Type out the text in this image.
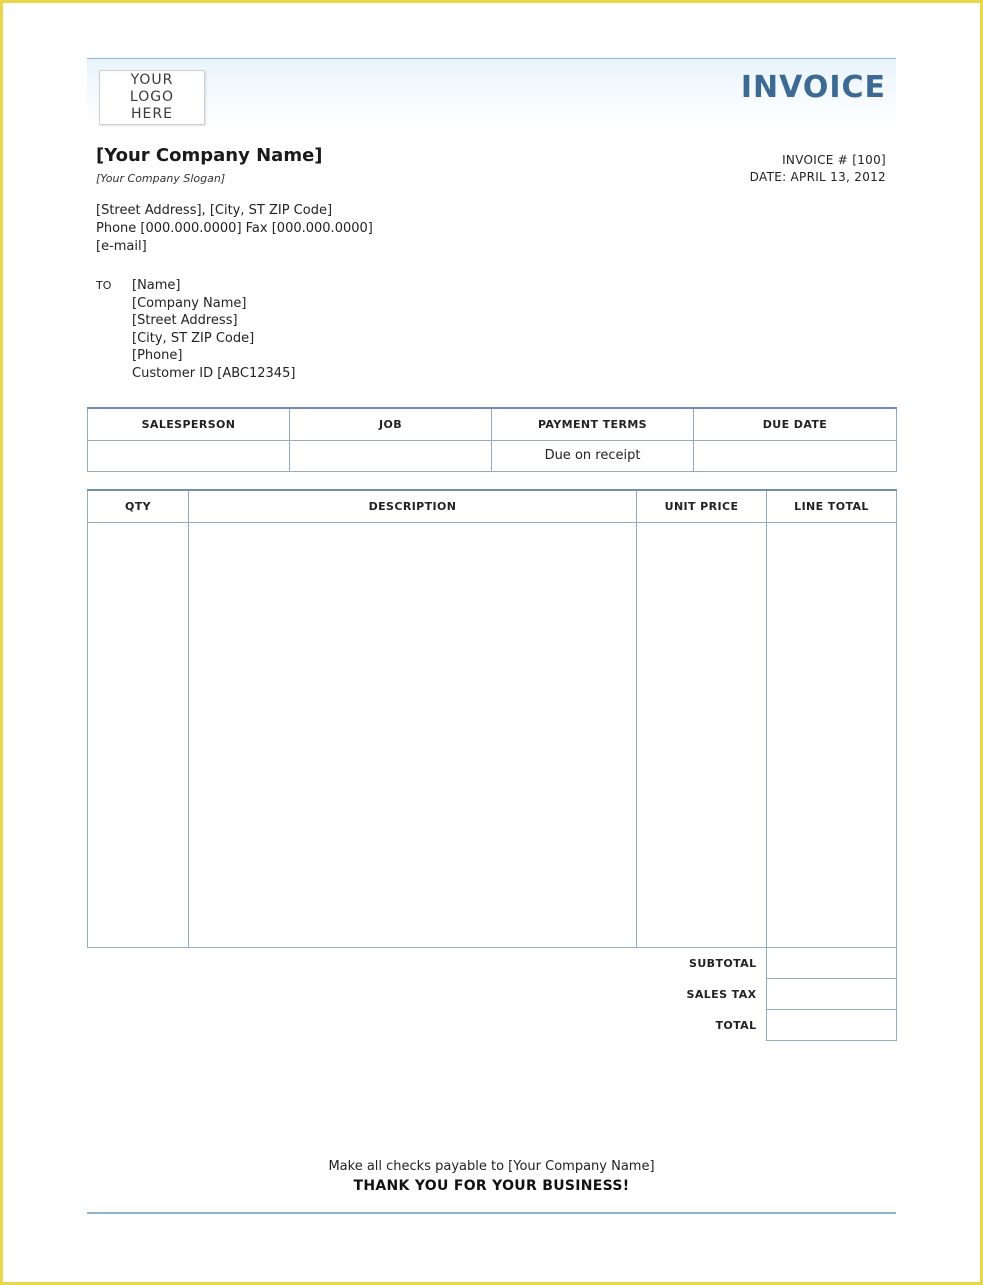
YOUR LOGO
HERE
INVOICE
[Your Company Name]
[Your Company Slogan]
[Street Address], [City, ST ZIP Code]
Phone [000.000.0000] Fax [000.000.0000]
[e-mail]
INVOICE # [100]
DATE: APRIL 13, 2012
TO [Name]
[Company Name]
[Street Address]
[City, ST ZIP Code]
[Phone]
Customer ID [ABC12345]
SALESPERSON	JOB	PAYMENT TERMS	DUE DATE
		Due on receipt	
QTY	DESCRIPTION	UNIT PRICE	LINE TOTAL

SUBTOTAL	
SALES TAX	
TOTAL	
Make all checks payable to [Your Company Name]
THANK YOU FOR YOUR BUSINESS!
